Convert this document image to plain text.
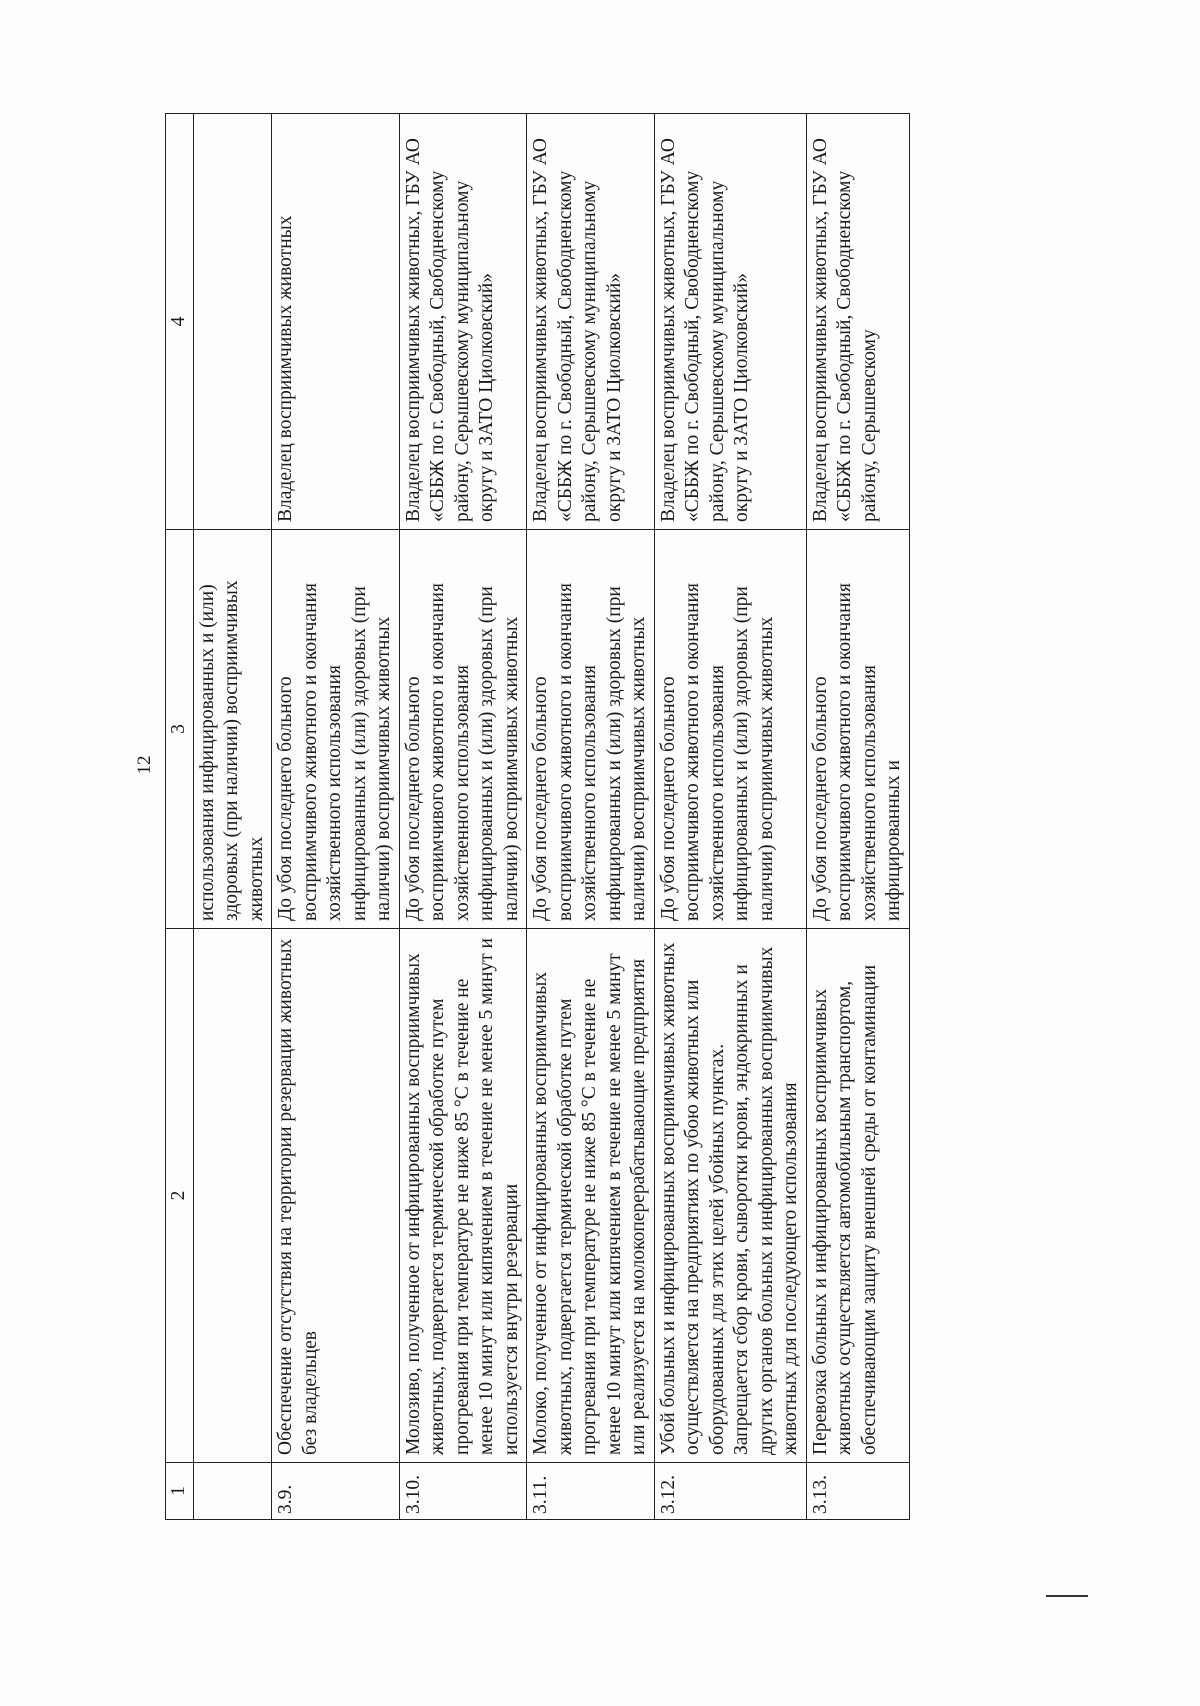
12
1	2	3	4
		использования инфицированных и (или) здоровых (при наличии) восприимчивых животных	
3.9.	Обеспечение отсутствия на территории резервации животных без владельцев	До убоя последнего больного восприимчивого животного и окончания хозяйственного использования инфицированных и (или) здоровых (при наличии) восприимчивых животных	Владелец восприимчивых животных
3.10.	Молозиво, полученное от инфицированных восприимчивых животных, подвергается термической обработке путем прогревания при температуре не ниже 85 °С в течение не менее 10 минут или кипячением в течение не менее 5 минут и используется внутри резервации	До убоя последнего больного восприимчивого животного и окончания хозяйственного использования инфицированных и (или) здоровых (при наличии) восприимчивых животных	Владелец восприимчивых животных, ГБУ АО «СББЖ по г. Свободный, Свободненскому району, Серышевскому муниципальному округу и ЗАТО Циолковский»
3.11.	Молоко, полученное от инфицированных восприимчивых животных, подвергается термической обработке путем прогревания при температуре не ниже 85 °С в течение не менее 10 минут или кипячением в течение не менее 5 минут или реализуется на молокоперерабатывающие предприятия	До убоя последнего больного восприимчивого животного и окончания хозяйственного использования инфицированных и (или) здоровых (при наличии) восприимчивых животных	Владелец восприимчивых животных, ГБУ АО «СББЖ по г. Свободный, Свободненскому району, Серышевскому муниципальному округу и ЗАТО Циолковский»
3.12.	Убой больных и инфицированных восприимчивых животных осуществляется на предприятиях по убою животных или оборудованных для этих целей убойных пунктах. Запрещается сбор крови, сыворотки крови, эндокринных и других органов больных и инфицированных восприимчивых животных для последующего использования	До убоя последнего больного восприимчивого животного и окончания хозяйственного использования инфицированных и (или) здоровых (при наличии) восприимчивых животных	Владелец восприимчивых животных, ГБУ АО «СББЖ по г. Свободный, Свободненскому району, Серышевскому муниципальному округу и ЗАТО Циолковский»
3.13.	Перевозка больных и инфицированных восприимчивых животных осуществляется автомобильным транспортом, обеспечивающим защиту внешней среды от контаминации	До убоя последнего больного восприимчивого животного и окончания хозяйственного использования инфицированных и	Владелец восприимчивых животных, ГБУ АО «СББЖ по г. Свободный, Свободненскому району, Серышевскому
